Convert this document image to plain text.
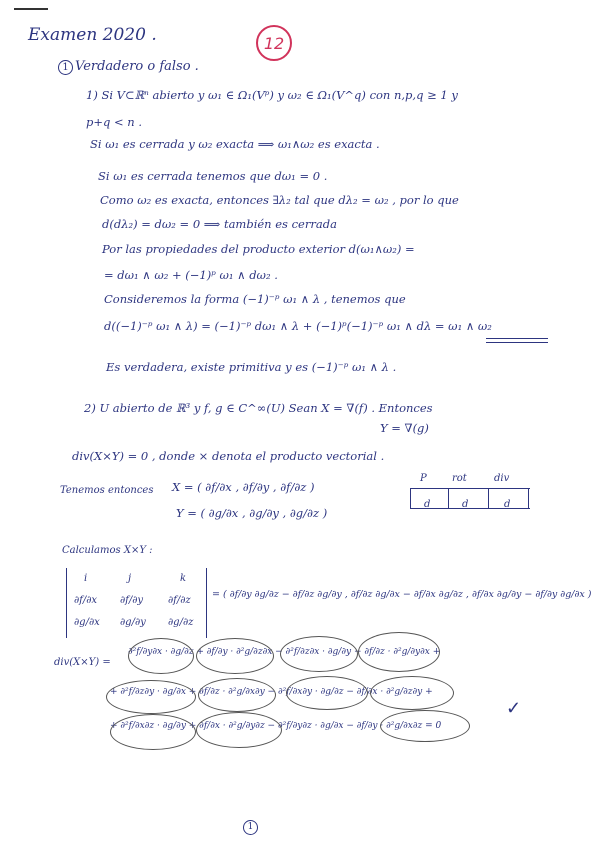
Examen 2020 .	12
1 Verdadero o falso .
1) Si V⊂ℝⁿ abierto y ω₁ ∈ Ω₁(Vᵖ) y ω₂ ∈ Ω₁(V^q) con n,p,q ≥ 1 y
p+q < n .
Si ω₁ es cerrada y ω₂ exacta ⟹ ω₁∧ω₂ es exacta .
Si ω₁ es cerrada tenemos que dω₁ = 0 .
Como ω₂ es exacta, entonces ∃λ₂ tal que dλ₂ = ω₂ , por lo que
d(dλ₂) = dω₂ = 0 ⟹ también es cerrada
Por las propiedades del producto exterior d(ω₁∧ω₂) =
= dω₁ ∧ ω₂ + (−1)ᵖ ω₁ ∧ dω₂ .
Consideremos la forma (−1)⁻ᵖ ω₁ ∧ λ , tenemos que
d((−1)⁻ᵖ ω₁ ∧ λ) = (−1)⁻ᵖ dω₁ ∧ λ + (−1)ᵖ(−1)⁻ᵖ ω₁ ∧ dλ = ω₁ ∧ ω₂
Es verdadera, existe primitiva y es (−1)⁻ᵖ ω₁ ∧ λ .
2) U abierto de ℝ³ y f, g ∈ C^∞(U) Sean X = ∇(f) . Entonces
Y = ∇(g)
div(X×Y) = 0 , donde × denota el producto vectorial .
Tenemos entonces X = ( ∂f/∂x , ∂f/∂y , ∂f/∂z )
Y = ( ∂g/∂x , ∂g/∂y , ∂g/∂z )
P	rot	div
d	d	d
Calculamos X×Y :
i	j	k
∂f/∂x ∂f/∂y ∂f/∂z
∂g/∂x ∂g/∂y ∂g/∂z
= ( ∂f/∂y ∂g/∂z − ∂f/∂z ∂g/∂y , ∂f/∂z ∂g/∂x − ∂f/∂x ∂g/∂z , ∂f/∂x ∂g/∂y − ∂f/∂y ∂g/∂x )
div(X×Y) =
∂²f/∂y∂x · ∂g/∂z + ∂f/∂y · ∂²g/∂z∂x − ∂²f/∂z∂x · ∂g/∂y − ∂f/∂z · ∂²g/∂y∂x +
+ ∂²f/∂z∂y · ∂g/∂x + ∂f/∂z · ∂²g/∂x∂y − ∂²f/∂x∂y · ∂g/∂z − ∂f/∂x · ∂²g/∂z∂y +
+ ∂²f/∂x∂z · ∂g/∂y + ∂f/∂x · ∂²g/∂y∂z − ∂²f/∂y∂z · ∂g/∂x − ∂f/∂y · ∂²g/∂x∂z = 0
✓
1
